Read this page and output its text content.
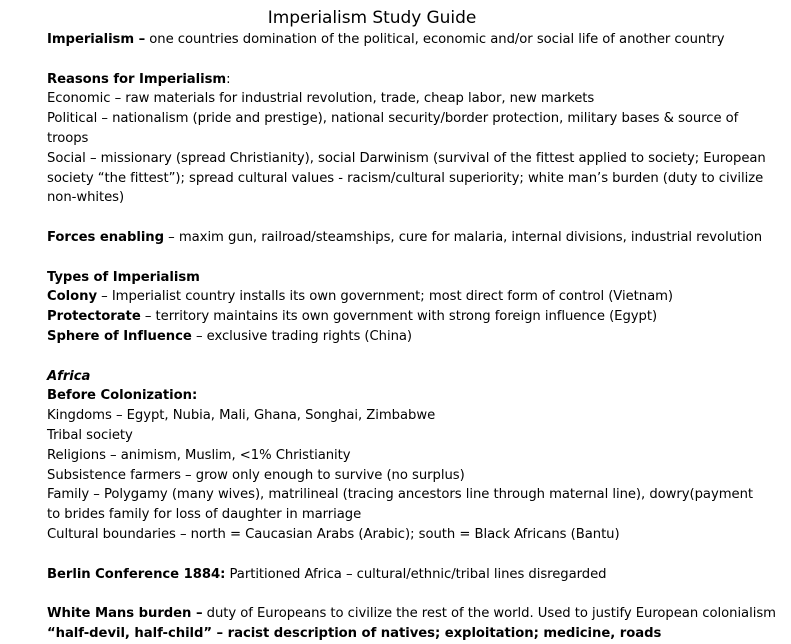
Imperialism Study Guide
Imperialism – one countries domination of the political, economic and/or social life of another country
Reasons for Imperialism:
Economic – raw materials for industrial revolution, trade, cheap labor, new markets
Political – nationalism (pride and prestige), national security/border protection, military bases & source of troops
Social – missionary (spread Christianity), social Darwinism (survival of the fittest applied to society; European society “the fittest”); spread cultural values - racism/cultural superiority; white man’s burden (duty to civilize non-whites)
Forces enabling – maxim gun, railroad/steamships, cure for malaria, internal divisions, industrial revolution
Types of Imperialism
Colony – Imperialist country installs its own government; most direct form of control (Vietnam)
Protectorate – territory maintains its own government with strong foreign influence (Egypt)
Sphere of Influence – exclusive trading rights (China)
Africa
Before Colonization:
Kingdoms – Egypt, Nubia, Mali, Ghana, Songhai, Zimbabwe
Tribal society
Religions – animism, Muslim, <1% Christianity
Subsistence farmers – grow only enough to survive (no surplus)
Family – Polygamy (many wives), matrilineal (tracing ancestors line through maternal line), dowry(payment to brides family for loss of daughter in marriage
Cultural boundaries – north = Caucasian Arabs (Arabic); south = Black Africans (Bantu)
Berlin Conference 1884: Partitioned Africa – cultural/ethnic/tribal lines disregarded
White Mans burden – duty of Europeans to civilize the rest of the world. Used to justify European colonialism
“half-devil, half-child” – racist description of natives; exploitation; medicine, roads
